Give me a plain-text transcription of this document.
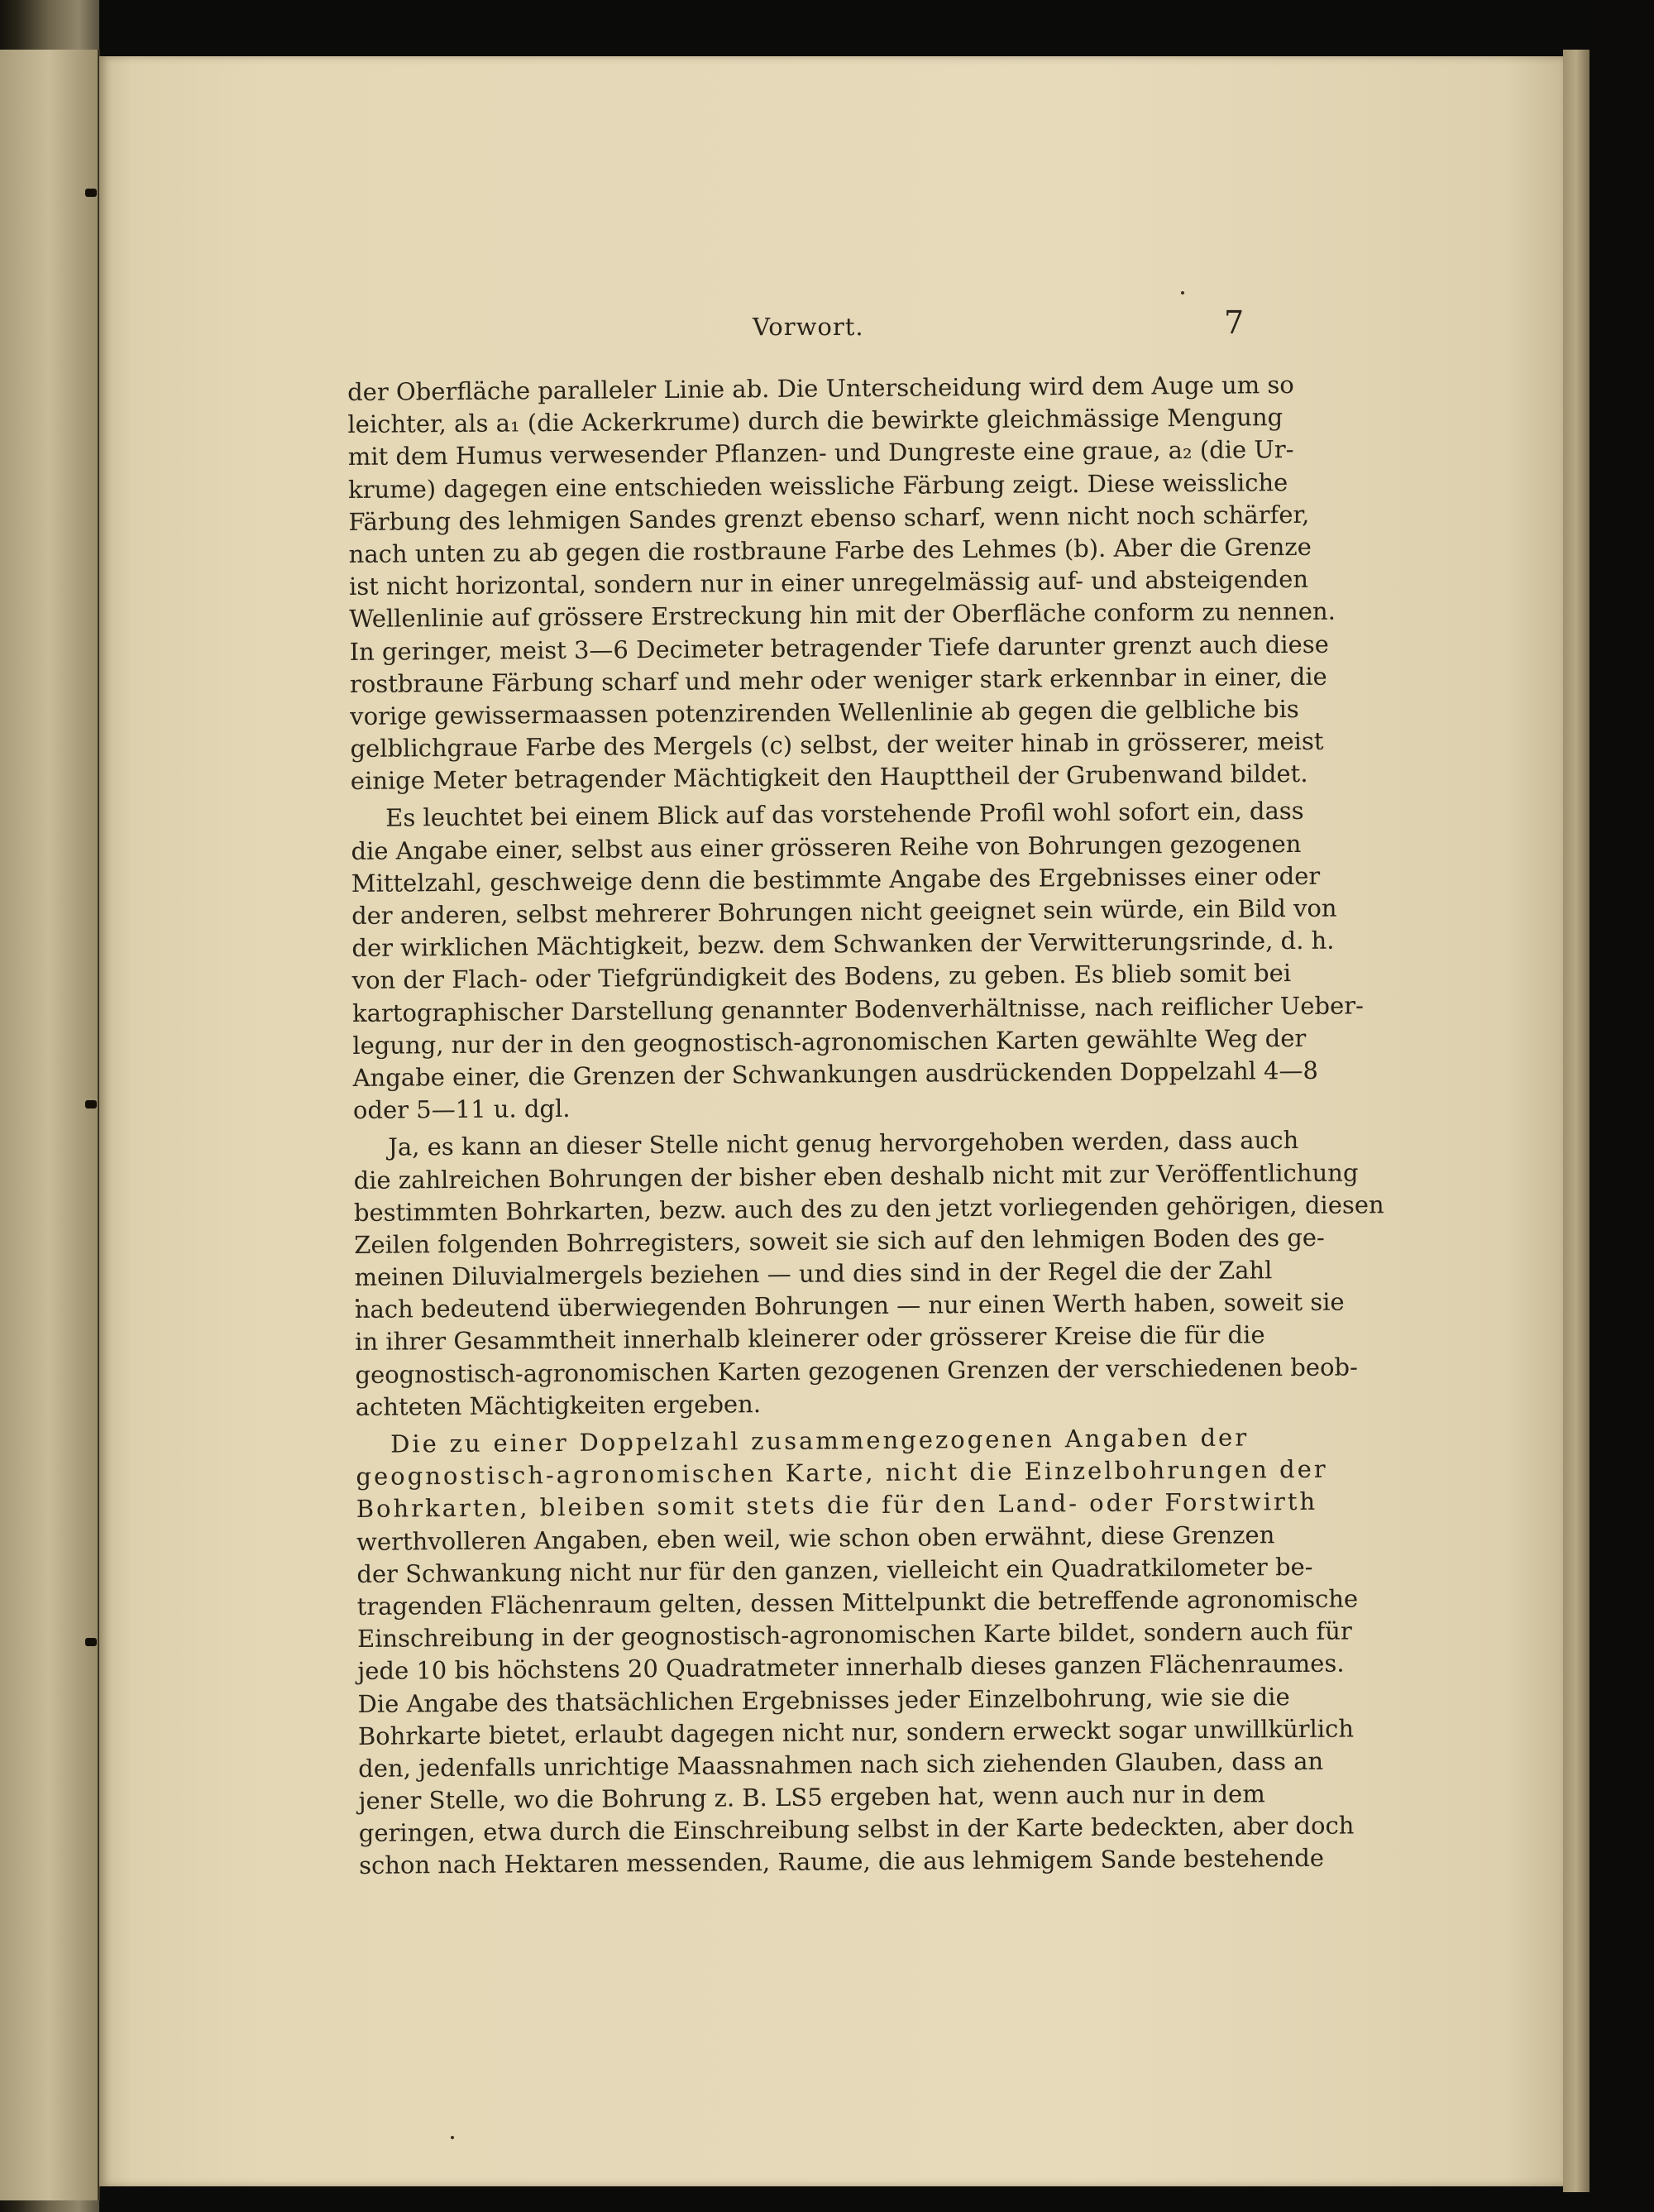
Vorwort.	7
der Oberfläche paralleler Linie ab. Die Unterscheidung wird dem Auge um so
leichter, als a₁ (die Ackerkrume) durch die bewirkte gleichmässige Mengung
mit dem Humus verwesender Pflanzen- und Dungreste eine graue, a₂ (die Ur-
krume) dagegen eine entschieden weissliche Färbung zeigt. Diese weissliche
Färbung des lehmigen Sandes grenzt ebenso scharf, wenn nicht noch schärfer,
nach unten zu ab gegen die rostbraune Farbe des Lehmes (b). Aber die Grenze
ist nicht horizontal, sondern nur in einer unregelmässig auf- und absteigenden
Wellenlinie auf grössere Erstreckung hin mit der Oberfläche conform zu nennen.
In geringer, meist 3—6 Decimeter betragender Tiefe darunter grenzt auch diese
rostbraune Färbung scharf und mehr oder weniger stark erkennbar in einer, die
vorige gewissermaassen potenzirenden Wellenlinie ab gegen die gelbliche bis
gelblichgraue Farbe des Mergels (c) selbst, der weiter hinab in grösserer, meist
einige Meter betragender Mächtigkeit den Haupttheil der Grubenwand bildet.
Es leuchtet bei einem Blick auf das vorstehende Profil wohl sofort ein, dass
die Angabe einer, selbst aus einer grösseren Reihe von Bohrungen gezogenen
Mittelzahl, geschweige denn die bestimmte Angabe des Ergebnisses einer oder
der anderen, selbst mehrerer Bohrungen nicht geeignet sein würde, ein Bild von
der wirklichen Mächtigkeit, bezw. dem Schwanken der Verwitterungsrinde, d. h.
von der Flach- oder Tiefgründigkeit des Bodens, zu geben. Es blieb somit bei
kartographischer Darstellung genannter Bodenverhältnisse, nach reiflicher Ueber-
legung, nur der in den geognostisch-agronomischen Karten gewählte Weg der
Angabe einer, die Grenzen der Schwankungen ausdrückenden Doppelzahl 4—8
oder 5—11 u. dgl.
Ja, es kann an dieser Stelle nicht genug hervorgehoben werden, dass auch
die zahlreichen Bohrungen der bisher eben deshalb nicht mit zur Veröffentlichung
bestimmten Bohrkarten, bezw. auch des zu den jetzt vorliegenden gehörigen, diesen
Zeilen folgenden Bohrregisters, soweit sie sich auf den lehmigen Boden des ge-
meinen Diluvialmergels beziehen — und dies sind in der Regel die der Zahl
nach bedeutend überwiegenden Bohrungen — nur einen Werth haben, soweit sie
in ihrer Gesammtheit innerhalb kleinerer oder grösserer Kreise die für die
geognostisch-agronomischen Karten gezogenen Grenzen der verschiedenen beob-
achteten Mächtigkeiten ergeben.
Die zu einer Doppelzahl zusammengezogenen Angaben der
geognostisch-agronomischen Karte, nicht die Einzelbohrungen der
Bohrkarten, bleiben somit stets die für den Land- oder Forstwirth
werthvolleren Angaben, eben weil, wie schon oben erwähnt, diese Grenzen
der Schwankung nicht nur für den ganzen, vielleicht ein Quadratkilometer be-
tragenden Flächenraum gelten, dessen Mittelpunkt die betreffende agronomische
Einschreibung in der geognostisch-agronomischen Karte bildet, sondern auch für
jede 10 bis höchstens 20 Quadratmeter innerhalb dieses ganzen Flächenraumes.
Die Angabe des thatsächlichen Ergebnisses jeder Einzelbohrung, wie sie die
Bohrkarte bietet, erlaubt dagegen nicht nur, sondern erweckt sogar unwillkürlich
den, jedenfalls unrichtige Maassnahmen nach sich ziehenden Glauben, dass an
jener Stelle, wo die Bohrung z. B. LS5 ergeben hat, wenn auch nur in dem
geringen, etwa durch die Einschreibung selbst in der Karte bedeckten, aber doch
schon nach Hektaren messenden, Raume, die aus lehmigem Sande bestehende
